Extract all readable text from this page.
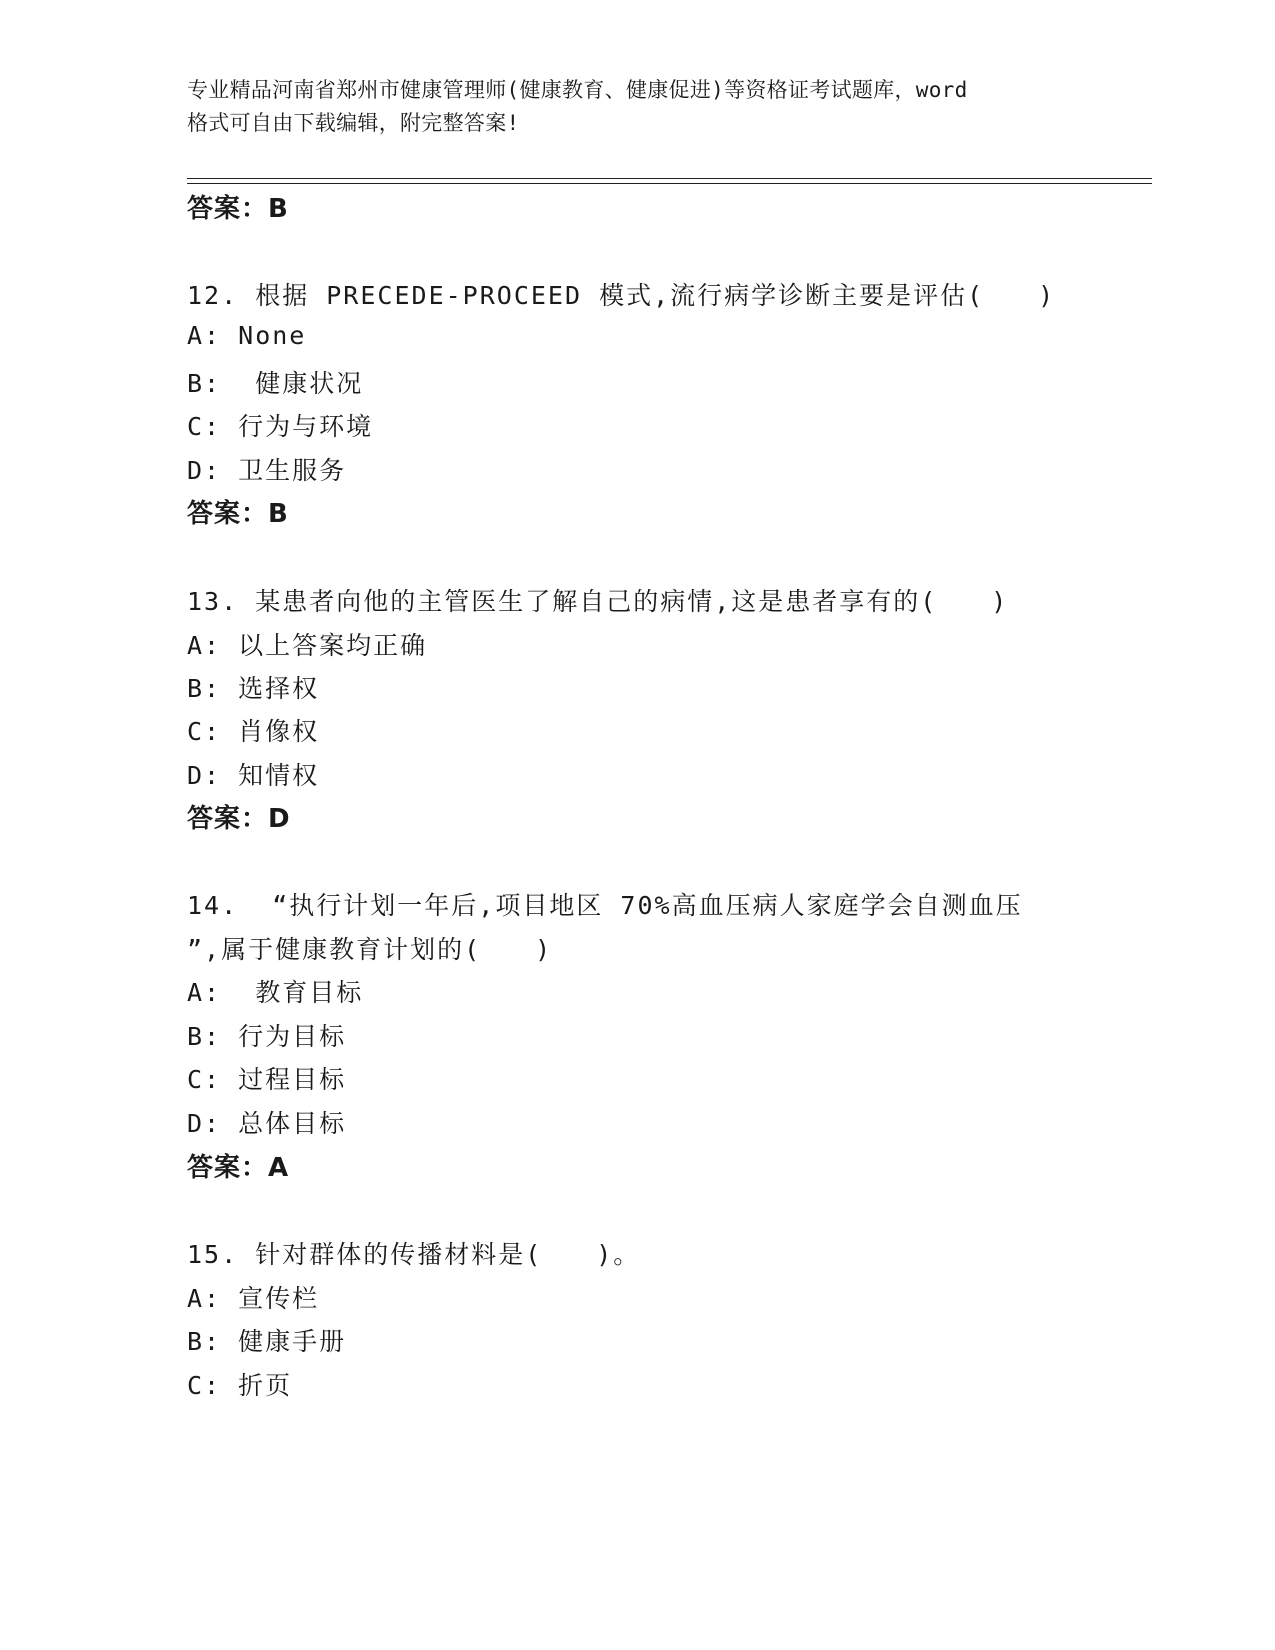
专业精品河南省郑州市健康管理师(健康教育、健康促进)等资格证考试题库，word
格式可自由下载编辑，附完整答案!
答案：B
12. 根据 PRECEDE-PROCEED 模式,流行病学诊断主要是评估(　　)
A: None
B:  健康状况
C: 行为与环境
D: 卫生服务
答案：B
13. 某患者向他的主管医生了解自己的病情,这是患者享有的(　　)
A: 以上答案均正确
B: 选择权
C: 肖像权
D: 知情权
答案：D
14.  “执行计划一年后,项目地区 70%高血压病人家庭学会自测血压
”,属于健康教育计划的(　　)
A:  教育目标
B: 行为目标
C: 过程目标
D: 总体目标
答案：A
15. 针对群体的传播材料是(　　)。
A: 宣传栏
B: 健康手册
C: 折页
